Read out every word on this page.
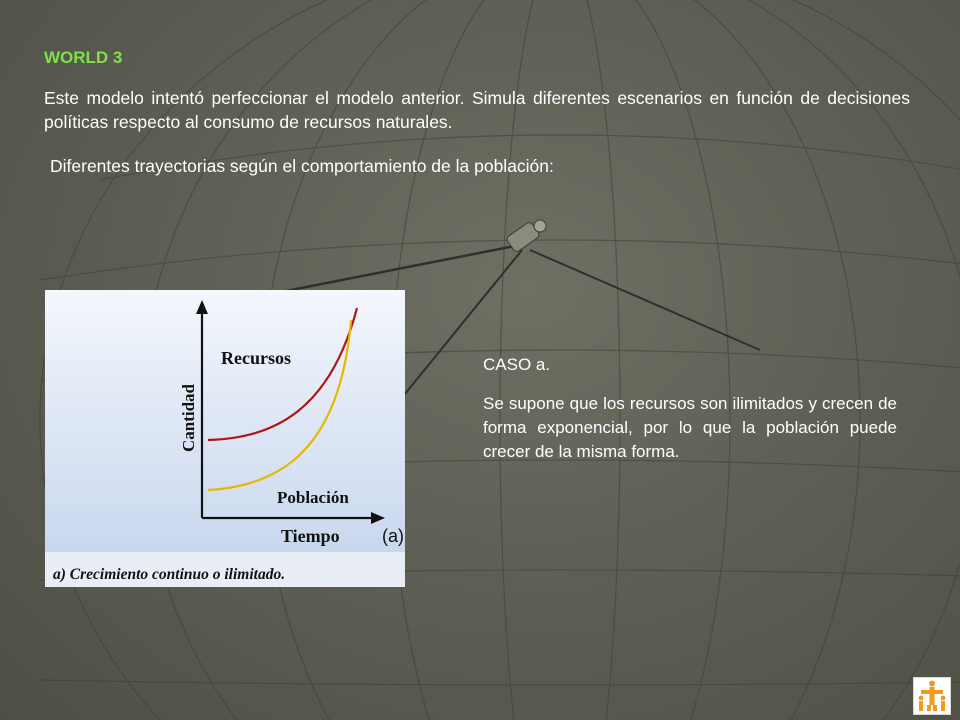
WORLD 3
Este modelo intentó perfeccionar el modelo anterior. Simula diferentes escenarios en función de decisiones políticas respecto al consumo de recursos naturales.
Diferentes trayectorias según el comportamiento de la población:
Cantidad
Recursos
Población
Tiempo (a)
a) Crecimiento continuo o ilimitado.
CASO a.
Se supone que los recursos son ilimitados y crecen de forma exponencial, por lo que la población puede crecer de la misma forma.
